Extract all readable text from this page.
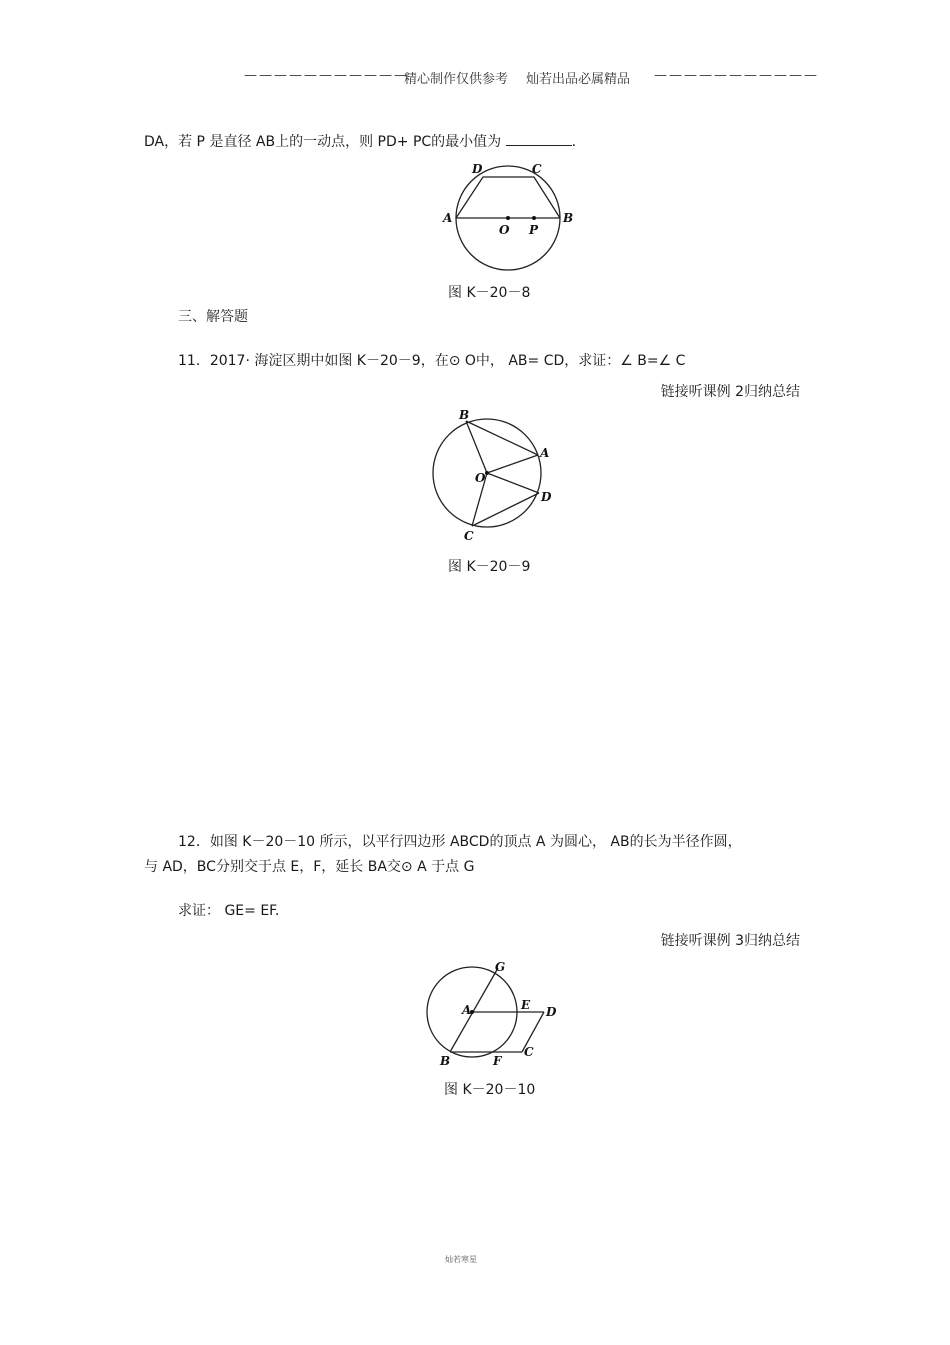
———————————
精心制作仅供参考 灿若出品必属精品 ———————————
DA，若 P 是直径 AB上的一动点，则 PD+ PC的最小值为	.
A	B
C
D
O P
图 K－20－8
三、解答题
11．2017· 海淀区期中如图 K－20－9，在⊙ O中， AB= CD，求证：∠ B=∠ C
链接听课例 2归纳总结
B
A
O
D
C
图 K－20－9
12．如图 K－20－10 所示，以平行四边形 ABCD的顶点 A 为圆心， AB的长为半径作圆，
与 AD，BC分别交于点 E，F，延长 BA交⊙ A 于点 G
求证： GE= EF.
链接听课例 3归纳总结
G
A	E D
B	F
C
图 K－20－10
灿若寒星
